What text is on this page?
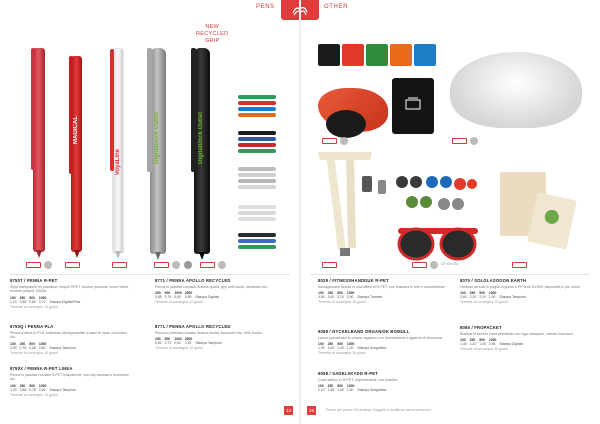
PENS	OTHER
NEW
RECYCLED
GRIP
MAGICAL
VoyaLine	DigitalDock Outlet	DigitalDock Outlet
8750T / PENNA R-PET
Stylo transparent en plastique recyclé RPET, bouton poussoir, encre bleue, écriture jusqu'à 1200m.
100	250	500	1000	
1,10	0,95	0,80	0,70	Stampa Digitale/Pad
Termine di consegna 10 giorni
8750Q / PENNA PLA
Penna a sfera in PLA, materiale biodegradabile a base di mais, inchiostro blu.
100	250	500	1000	
0,90	0,78	0,68	0,60	Stampa Tampone
Termine di consegna 10 giorni
8750X / PENNA R-PET LINEA
Penna in plastica riciclata R-PET trasparente, con clip colorata e inchiostro blu.
100	250	500	1000	
1,00	0,88	0,75	0,65	Stampa Tampone
Termine di consegna 10 giorni
8771 / PENNA APOLLO RECYCLED
Penna in plastica riciclata, finitura opaca, grip soft-touch, inchiostro blu.
250	500	1000	2500	
0,89	0,79	0,69	0,59	Stampa Digitale
Termine di consegna 10 giorni
8771 / PENNA APOLLO RECYCLED
Penna in plastica riciclata, finitura lucida, inchiostro blu, refill Jumbo.
250	500	1000	2500	
0,82	0,72	0,62	0,52	Stampa Tampone
Termine di consegna 10 giorni
14
CE EN ISO
8029 / FITNESSHANDDUK R-PET
Asciugamano fitness in microfibra di R-PET, con custodia in rete e moschettone.
100	250	500	1000	
3,80	3,40	3,10	2,90	Stampa Transfer
Termine di consegna 15 giorni
9088 / NYCKELBAND ORGANISK BOMULL
Laccio portachiavi in cotone organico con moschettone e sgancio di sicurezza.
100	250	500	1000	
1,90	1,60	1,40	1,20	Stampa Serigrafica
Termine di consegna 15 giorni
9058 / SADELSKYDD R-PET
Copri sellino in R-PET, impermeabile, con elastico.
100	250	500	1000	
2,10	1,85	1,65	1,50	Stampa Serigrafica
8070 / SOLGLASOGON EARTH
Occhiali da sole in paglia di grano e PP, lenti UV400, disponibili in più colori.
100	250	500	1000	
2,60	2,30	2,10	1,90	Stampa Tampone
Termine di consegna 15 giorni
8085 / FROPACKET
Bustina di semi in carta piantabile con logo stampato, include istruzioni.
100	250	500	1000	
1,40	1,20	1,05	0,95	Stampa Digitale
Termine di consegna 15 giorni
15	Prezzi per pezzo IVA esclusa. Soggetti a modifiche senza preavviso.
